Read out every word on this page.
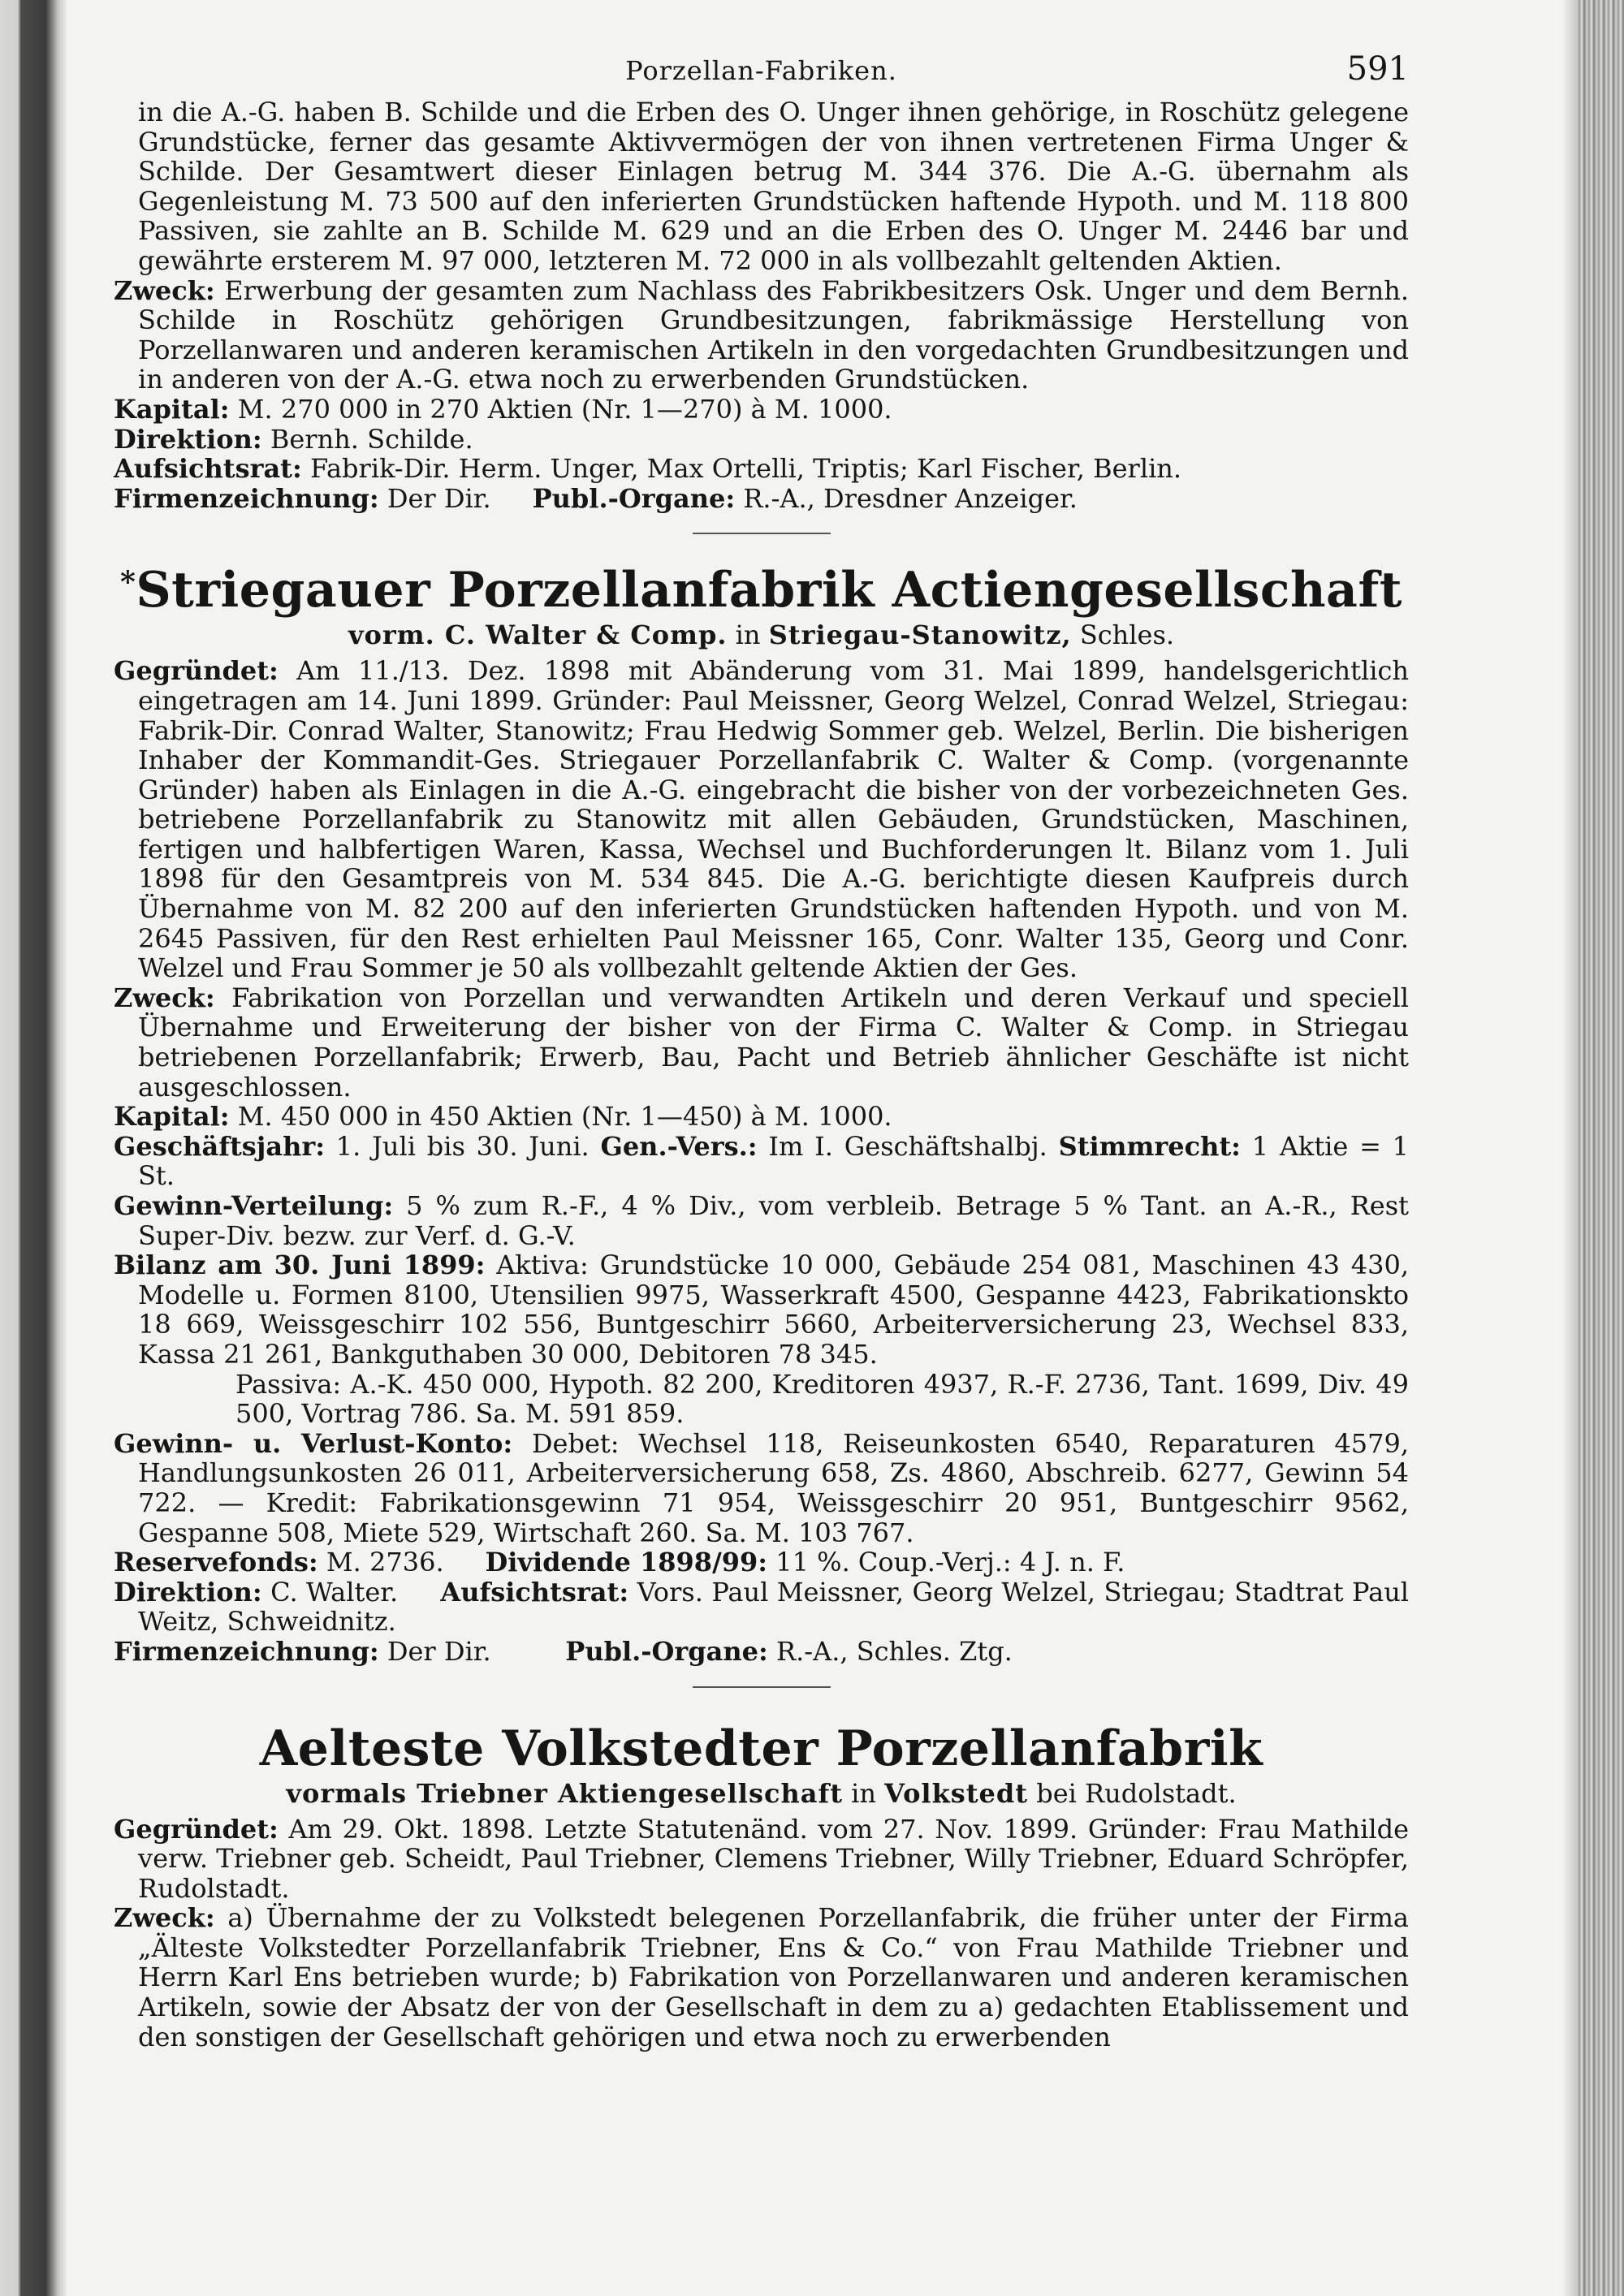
Porzellan-Fabriken.	591

in die A.-G. haben B. Schilde und die Erben des O. Unger ihnen gehörige, in Roschütz gelegene Grundstücke, ferner das gesamte Aktivvermögen der von ihnen vertretenen Firma Unger & Schilde. Der Gesamtwert dieser Einlagen betrug M. 344 376. Die A.-G. übernahm als Gegenleistung M. 73 500 auf den inferierten Grundstücken haftende Hypoth. und M. 118 800 Passiven, sie zahlte an B. Schilde M. 629 und an die Erben des O. Unger M. 2446 bar und gewährte ersterem M. 97 000, letzteren M. 72 000 in als vollbezahlt geltenden Aktien.

Zweck: Erwerbung der gesamten zum Nachlass des Fabrikbesitzers Osk. Unger und dem Bernh. Schilde in Roschütz gehörigen Grundbesitzungen, fabrikmässige Herstellung von Porzellanwaren und anderen keramischen Artikeln in den vorgedachten Grundbesitzungen und in anderen von der A.-G. etwa noch zu erwerbenden Grundstücken.

Kapital: M. 270 000 in 270 Aktien (Nr. 1—270) à M. 1000.

Direktion: Bernh. Schilde.

Aufsichtsrat: Fabrik-Dir. Herm. Unger, Max Ortelli, Triptis; Karl Fischer, Berlin.

Firmenzeichnung: Der Dir. Publ.-Organe: R.-A., Dresdner Anzeiger.

*Striegauer Porzellanfabrik Actiengesellschaft

vorm. C. Walter & Comp. in Striegau-Stanowitz, Schles.

Gegründet: Am 11./13. Dez. 1898 mit Abänderung vom 31. Mai 1899, handelsgerichtlich eingetragen am 14. Juni 1899. Gründer: Paul Meissner, Georg Welzel, Conrad Welzel, Striegau: Fabrik-Dir. Conrad Walter, Stanowitz; Frau Hedwig Sommer geb. Welzel, Berlin. Die bisherigen Inhaber der Kommandit-Ges. Striegauer Porzellanfabrik C. Walter & Comp. (vorgenannte Gründer) haben als Einlagen in die A.-G. eingebracht die bisher von der vorbezeichneten Ges. betriebene Porzellanfabrik zu Stanowitz mit allen Gebäuden, Grundstücken, Maschinen, fertigen und halbfertigen Waren, Kassa, Wechsel und Buchforderungen lt. Bilanz vom 1. Juli 1898 für den Gesamtpreis von M. 534 845. Die A.-G. berichtigte diesen Kaufpreis durch Übernahme von M. 82 200 auf den inferierten Grundstücken haftenden Hypoth. und von M. 2645 Passiven, für den Rest erhielten Paul Meissner 165, Conr. Walter 135, Georg und Conr. Welzel und Frau Sommer je 50 als vollbezahlt geltende Aktien der Ges.

Zweck: Fabrikation von Porzellan und verwandten Artikeln und deren Verkauf und speciell Übernahme und Erweiterung der bisher von der Firma C. Walter & Comp. in Striegau betriebenen Porzellanfabrik; Erwerb, Bau, Pacht und Betrieb ähnlicher Geschäfte ist nicht ausgeschlossen.

Kapital: M. 450 000 in 450 Aktien (Nr. 1—450) à M. 1000.

Geschäftsjahr: 1. Juli bis 30. Juni. Gen.-Vers.: Im I. Geschäftshalbj. Stimmrecht: 1 Aktie = 1 St.

Gewinn-Verteilung: 5 % zum R.-F., 4 % Div., vom verbleib. Betrage 5 % Tant. an A.-R., Rest Super-Div. bezw. zur Verf. d. G.-V.

Bilanz am 30. Juni 1899: Aktiva: Grundstücke 10 000, Gebäude 254 081, Maschinen 43 430, Modelle u. Formen 8100, Utensilien 9975, Wasserkraft 4500, Gespanne 4423, Fabrikationskto 18 669, Weissgeschirr 102 556, Buntgeschirr 5660, Arbeiterversicherung 23, Wechsel 833, Kassa 21 261, Bankguthaben 30 000, Debitoren 78 345.

Passiva: A.-K. 450 000, Hypoth. 82 200, Kreditoren 4937, R.-F. 2736, Tant. 1699, Div. 49 500, Vortrag 786. Sa. M. 591 859.

Gewinn- u. Verlust-Konto: Debet: Wechsel 118, Reiseunkosten 6540, Reparaturen 4579, Handlungsunkosten 26 011, Arbeiterversicherung 658, Zs. 4860, Abschreib. 6277, Gewinn 54 722. — Kredit: Fabrikationsgewinn 71 954, Weissgeschirr 20 951, Buntgeschirr 9562, Gespanne 508, Miete 529, Wirtschaft 260. Sa. M. 103 767.

Reservefonds: M. 2736. Dividende 1898/99: 11 %. Coup.-Verj.: 4 J. n. F.

Direktion: C. Walter. Aufsichtsrat: Vors. Paul Meissner, Georg Welzel, Striegau; Stadtrat Paul Weitz, Schweidnitz.

Firmenzeichnung: Der Dir.	Publ.-Organe: R.-A., Schles. Ztg.

Aelteste Volkstedter Porzellanfabrik

vormals Triebner Aktiengesellschaft in Volkstedt bei Rudolstadt.

Gegründet: Am 29. Okt. 1898. Letzte Statutenänd. vom 27. Nov. 1899. Gründer: Frau Mathilde verw. Triebner geb. Scheidt, Paul Triebner, Clemens Triebner, Willy Triebner, Eduard Schröpfer, Rudolstadt.

Zweck: a) Übernahme der zu Volkstedt belegenen Porzellanfabrik, die früher unter der Firma „Älteste Volkstedter Porzellanfabrik Triebner, Ens & Co.“ von Frau Mathilde Triebner und Herrn Karl Ens betrieben wurde; b) Fabrikation von Porzellanwaren und anderen keramischen Artikeln, sowie der Absatz der von der Gesellschaft in dem zu a) gedachten Etablissement und den sonstigen der Gesellschaft gehörigen und etwa noch zu erwerbenden
